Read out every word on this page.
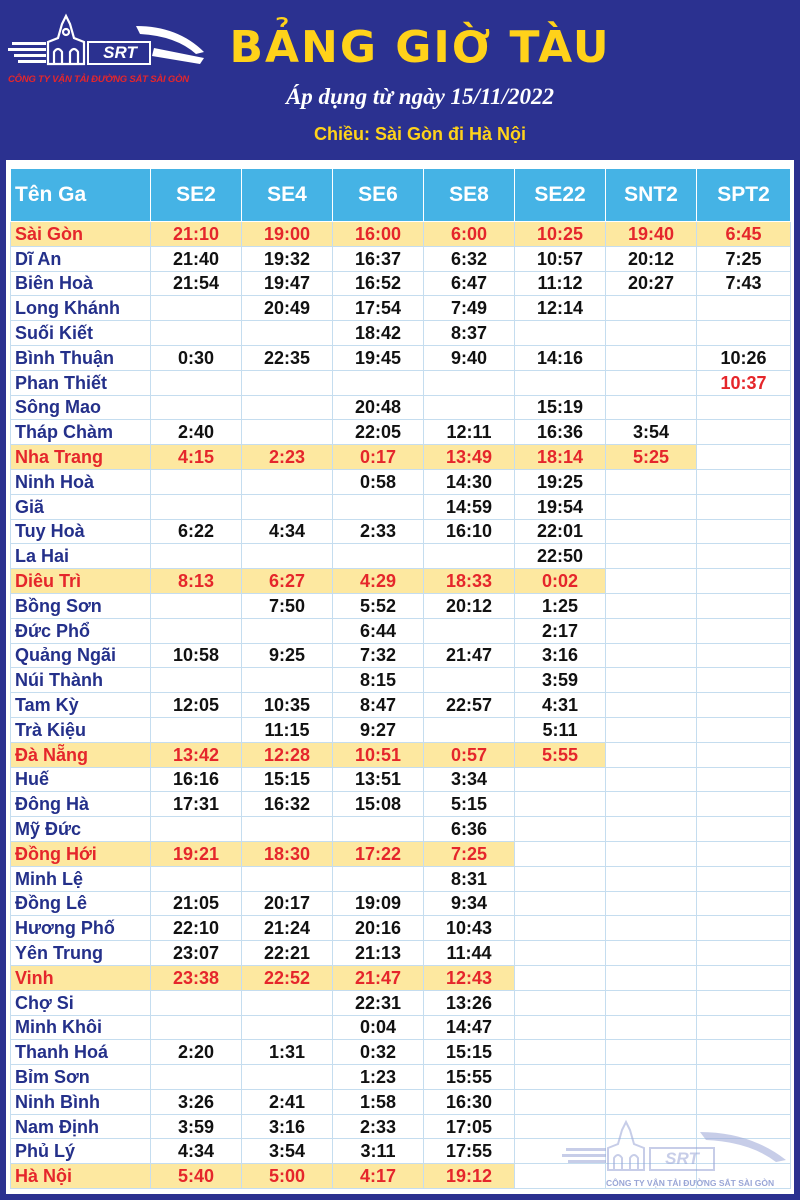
SRT
CÔNG TY VẬN TẢI ĐƯỜNG SẮT SÀI GÒN
BẢNG GIỜ TÀU
Áp dụng từ ngày 15/11/2022
Chiều: Sài Gòn đi Hà Nội
Tên Ga	SE2	SE4	SE6	SE8	SE22	SNT2	SPT2
Sài Gòn	21:10	19:00	16:00	6:00	10:25	19:40	6:45
Dĩ An	21:40	19:32	16:37	6:32	10:57	20:12	7:25
Biên Hoà	21:54	19:47	16:52	6:47	11:12	20:27	7:43
Long Khánh		20:49	17:54	7:49	12:14		
Suối Kiết			18:42	8:37			
Bình Thuận	0:30	22:35	19:45	9:40	14:16		10:26
Phan Thiết							10:37
Sông Mao			20:48		15:19		
Tháp Chàm	2:40		22:05	12:11	16:36	3:54	
Nha Trang	4:15	2:23	0:17	13:49	18:14	5:25	
Ninh Hoà			0:58	14:30	19:25		
Giã				14:59	19:54		
Tuy Hoà	6:22	4:34	2:33	16:10	22:01		
La Hai					22:50		
Diêu Trì	8:13	6:27	4:29	18:33	0:02		
Bồng Sơn		7:50	5:52	20:12	1:25		
Đức Phổ			6:44		2:17		
Quảng Ngãi	10:58	9:25	7:32	21:47	3:16		
Núi Thành			8:15		3:59		
Tam Kỳ	12:05	10:35	8:47	22:57	4:31		
Trà Kiệu		11:15	9:27		5:11		
Đà Nẵng	13:42	12:28	10:51	0:57	5:55		
Huế	16:16	15:15	13:51	3:34			
Đông Hà	17:31	16:32	15:08	5:15			
Mỹ Đức				6:36			
Đồng Hới	19:21	18:30	17:22	7:25			
Minh Lệ				8:31			
Đồng Lê	21:05	20:17	19:09	9:34			
Hương Phố	22:10	21:24	20:16	10:43			
Yên Trung	23:07	22:21	21:13	11:44			
Vinh	23:38	22:52	21:47	12:43			
Chợ Si			22:31	13:26			
Minh Khôi			0:04	14:47			
Thanh Hoá	2:20	1:31	0:32	15:15			
Bỉm Sơn			1:23	15:55			
Ninh Bình	3:26	2:41	1:58	16:30			
Nam Định	3:59	3:16	2:33	17:05			
Phủ Lý	4:34	3:54	3:11	17:55			
Hà Nội	5:40	5:00	4:17	19:12			
SRT
CÔNG TY VẬN TẢI ĐƯỜNG SẮT SÀI GÒN
